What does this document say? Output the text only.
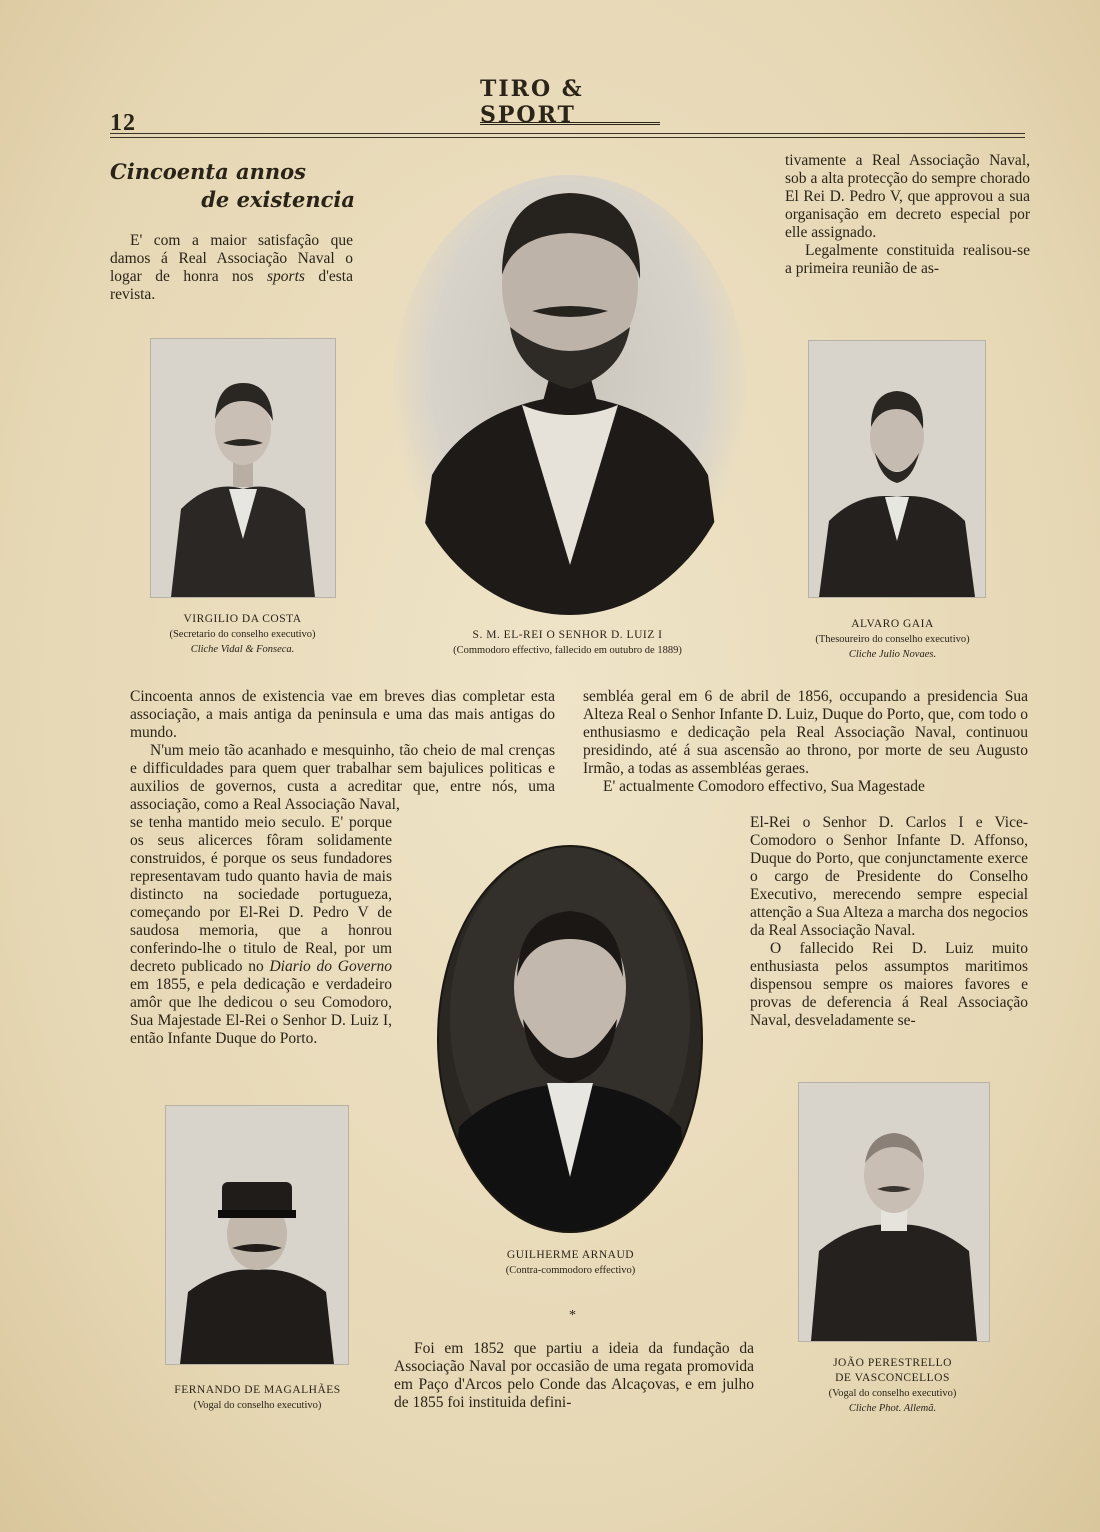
12
TIRO & SPORT
Cincoenta annos
de existencia

E' com a maior satisfação que damos á Real Associação Naval o logar de honra nos sports d'esta revista.

tivamente a Real Associação Naval, sob a alta protecção do sempre chorado El Rei D. Pedro V, que approvou a sua organisação em decreto especial por elle assignado.

Legalmente constituida realisou-se a primeira reunião de as-

VIRGILIO DA COSTA
(Secretario do conselho executivo)
Cliche Vidal & Fonseca.
S. M. EL-REI O SENHOR D. LUIZ I
(Commodoro effectivo, fallecido em outubro de 1889)
ALVARO GAIA
(Thesoureiro do conselho executivo)
Cliche Julio Novaes.

Cincoenta annos de existencia vae em breves dias completar esta associação, a mais antiga da peninsula e uma das mais antigas do mundo.

N'um meio tão acanhado e mesquinho, tão cheio de mal crenças e difficuldades para quem quer trabalhar sem bajulices politicas e auxilios de governos, custa a acreditar que, entre nós, uma associação, como a Real Associação Naval,

se tenha mantido meio seculo. E' porque os seus alicerces fôram solidamente construidos, é porque os seus fundadores representavam tudo quanto havia de mais distincto na sociedade portugueza, começando por El-Rei D. Pedro V de saudosa memoria, que a honrou conferindo-lhe o titulo de Real, por um decreto publicado no Diario do Governo em 1855, e pela dedicação e verdadeiro amôr que lhe dedicou o seu Comodoro, Sua Majestade El-Rei o Senhor D. Luiz I, então Infante Duque do Porto.

sembléa geral em 6 de abril de 1856, occupando a presidencia Sua Alteza Real o Senhor Infante D. Luiz, Duque do Porto, que, com todo o enthusiasmo e dedicação pela Real Associação Naval, continuou presidindo, até á sua ascensão ao throno, por morte de seu Augusto Irmão, a todas as assembléas geraes.

E' actualmente Comodoro effectivo, Sua Magestade

El-Rei o Senhor D. Carlos I e Vice-Comodoro o Senhor Infante D. Affonso, Duque do Porto, que conjunctamente exerce o cargo de Presidente do Conselho Executivo, merecendo sempre especial attenção a Sua Alteza a marcha dos negocios da Real Associação Naval.

O fallecido Rei D. Luiz muito enthusiasta pelos assumptos maritimos dispensou sempre os maiores favores e provas de deferencia á Real Associação Naval, desveladamente se-

GUILHERME ARNAUD
(Contra-commodoro effectivo)
FERNANDO DE MAGALHÃES
(Vogal do conselho executivo)
JOÃO PERESTRELLO
DE VASCONCELLOS
(Vogal do conselho executivo)
Cliche Phot. Allemã.
*

Foi em 1852 que partiu a ideia da fundação da Associação Naval por occasião de uma regata promovida em Paço d'Arcos pelo Conde das Alcaçovas, e em julho de 1855 foi instituida defini-
